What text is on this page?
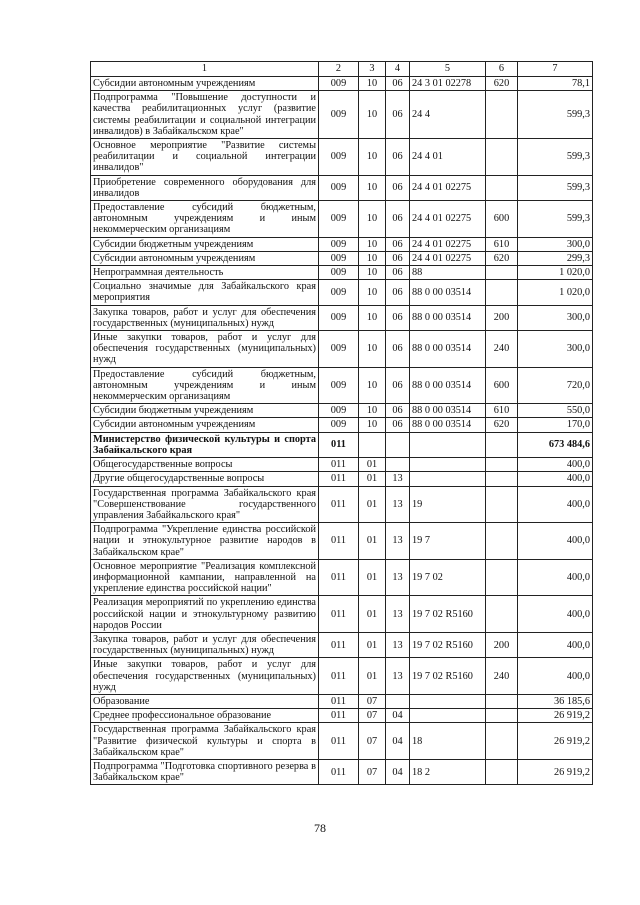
1	2	3	4	5	6	7
Субсидии автономным учреждениям	009	10	06	24 3 01 02278	620	78,1
Подпрограмма "Повышение доступности и качества реабилитационных услуг (развитие системы реабилитации и социальной интеграции инвалидов) в Забайкальском крае"	009	10	06	24 4		599,3
Основное мероприятие "Развитие системы реабилитации и социальной интеграции инвалидов"	009	10	06	24 4 01		599,3
Приобретение современного оборудования для инвалидов	009	10	06	24 4 01 02275		599,3
Предоставление субсидий бюджетным, автономным учреждениям и иным некоммерческим организациям	009	10	06	24 4 01 02275	600	599,3
Субсидии бюджетным учреждениям	009	10	06	24 4 01 02275	610	300,0
Субсидии автономным учреждениям	009	10	06	24 4 01 02275	620	299,3
Непрограммная деятельность	009	10	06	88		1 020,0
Социально значимые для Забайкальского края мероприятия	009	10	06	88 0 00 03514		1 020,0
Закупка товаров, работ и услуг для обеспечения государственных (муниципальных) нужд	009	10	06	88 0 00 03514	200	300,0
Иные закупки товаров, работ и услуг для обеспечения государственных (муниципальных) нужд	009	10	06	88 0 00 03514	240	300,0
Предоставление субсидий бюджетным, автономным учреждениям и иным некоммерческим организациям	009	10	06	88 0 00 03514	600	720,0
Субсидии бюджетным учреждениям	009	10	06	88 0 00 03514	610	550,0
Субсидии автономным учреждениям	009	10	06	88 0 00 03514	620	170,0
Министерство физической культуры и спорта Забайкальского края	011					673 484,6
Общегосударственные вопросы	011	01				400,0
Другие общегосударственные вопросы	011	01	13			400,0
Государственная программа Забайкальского края "Совершенствование государственного управления Забайкальского края"	011	01	13	19		400,0
Подпрограмма "Укрепление единства российской нации и этнокультурное развитие народов в Забайкальском крае"	011	01	13	19 7		400,0
Основное мероприятие "Реализация комплексной информационной кампании, направленной на укрепление единства российской нации"	011	01	13	19 7 02		400,0
Реализация мероприятий по укреплению единства российской нации и этнокультурному развитию народов России	011	01	13	19 7 02 R5160		400,0
Закупка товаров, работ и услуг для обеспечения государственных (муниципальных) нужд	011	01	13	19 7 02 R5160	200	400,0
Иные закупки товаров, работ и услуг для обеспечения государственных (муниципальных) нужд	011	01	13	19 7 02 R5160	240	400,0
Образование	011	07				36 185,6
Среднее профессиональное образование	011	07	04			26 919,2
Государственная программа Забайкальского края "Развитие физической культуры и спорта в Забайкальском крае"	011	07	04	18		26 919,2
Подпрограмма "Подготовка спортивного резерва в Забайкальском крае"	011	07	04	18 2		26 919,2
78
